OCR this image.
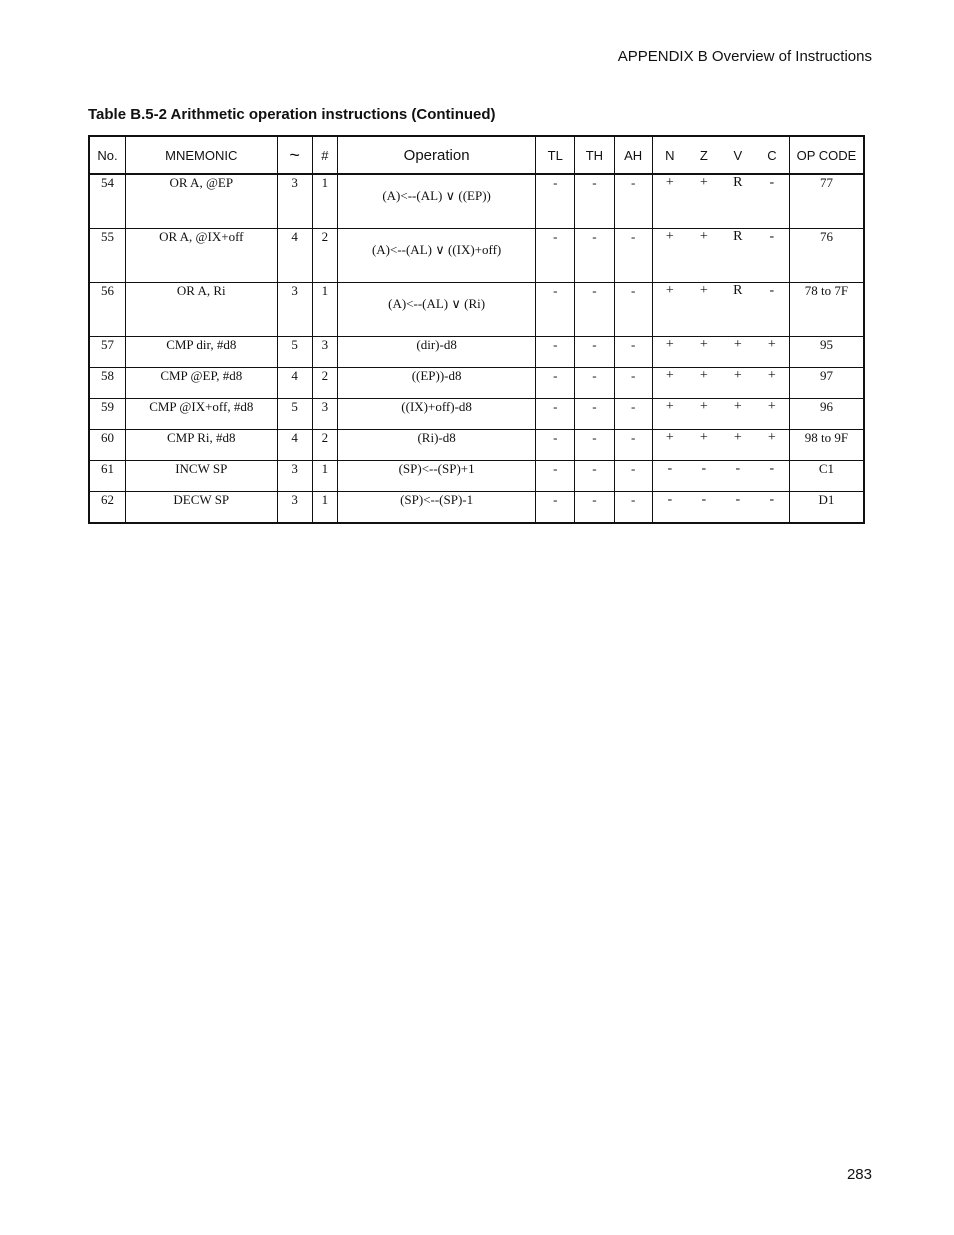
APPENDIX B Overview of Instructions
Table B.5-2 Arithmetic operation instructions (Continued)
No.	MNEMONIC	~	#	Operation	TL	TH	AH	N	Z	V	C	OP CODE
54	OR A, @EP	3	1	(A)<--(AL) ∨ ((EP))	-	-	-	+	+	R	-	77
55	OR A, @IX+off	4	2	(A)<--(AL) ∨ ((IX)+off)	-	-	-	+	+	R	-	76
56	OR A, Ri	3	1	(A)<--(AL) ∨ (Ri)	-	-	-	+	+	R	-	78 to 7F
57	CMP dir, #d8	5	3	(dir)-d8	-	-	-	+	+	+	+	95
58	CMP @EP, #d8	4	2	((EP))-d8	-	-	-	+	+	+	+	97
59	CMP @IX+off, #d8	5	3	((IX)+off)-d8	-	-	-	+	+	+	+	96
60	CMP Ri, #d8	4	2	(Ri)-d8	-	-	-	+	+	+	+	98 to 9F
61	INCW SP	3	1	(SP)<--(SP)+1	-	-	-	-	-	-	-	C1
62	DECW SP	3	1	(SP)<--(SP)-1	-	-	-	-	-	-	-	D1
283
